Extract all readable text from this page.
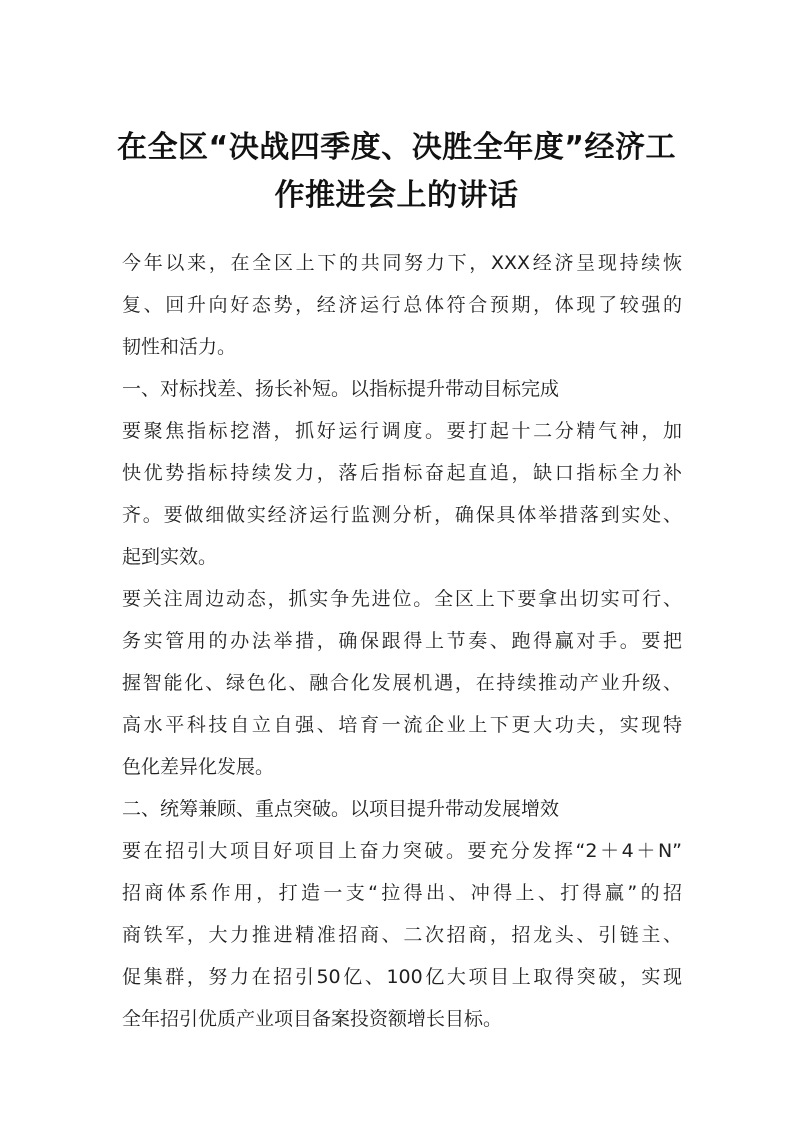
在全区“决战四季度、决胜全年度”经济工
作推进会上的讲话
今年以来，在全区上下的共同努力下，XXX经济呈现持续恢
复、回升向好态势，经济运行总体符合预期，体现了较强的
韧性和活力。
一、对标找差、扬长补短。以指标提升带动目标完成
要聚焦指标挖潜，抓好运行调度。要打起十二分精气神，加
快优势指标持续发力，落后指标奋起直追，缺口指标全力补
齐。要做细做实经济运行监测分析，确保具体举措落到实处、
起到实效。
要关注周边动态，抓实争先进位。全区上下要拿出切实可行、
务实管用的办法举措，确保跟得上节奏、跑得赢对手。要把
握智能化、绿色化、融合化发展机遇，在持续推动产业升级、
高水平科技自立自强、培育一流企业上下更大功夫，实现特
色化差异化发展。
二、统筹兼顾、重点突破。以项目提升带动发展增效
要在招引大项目好项目上奋力突破。要充分发挥“2＋4＋N”
招商体系作用，打造一支“拉得出、冲得上、打得赢”的招
商铁军，大力推进精准招商、二次招商，招龙头、引链主、
促集群，努力在招引50亿、100亿大项目上取得突破，实现
全年招引优质产业项目备案投资额增长目标。
